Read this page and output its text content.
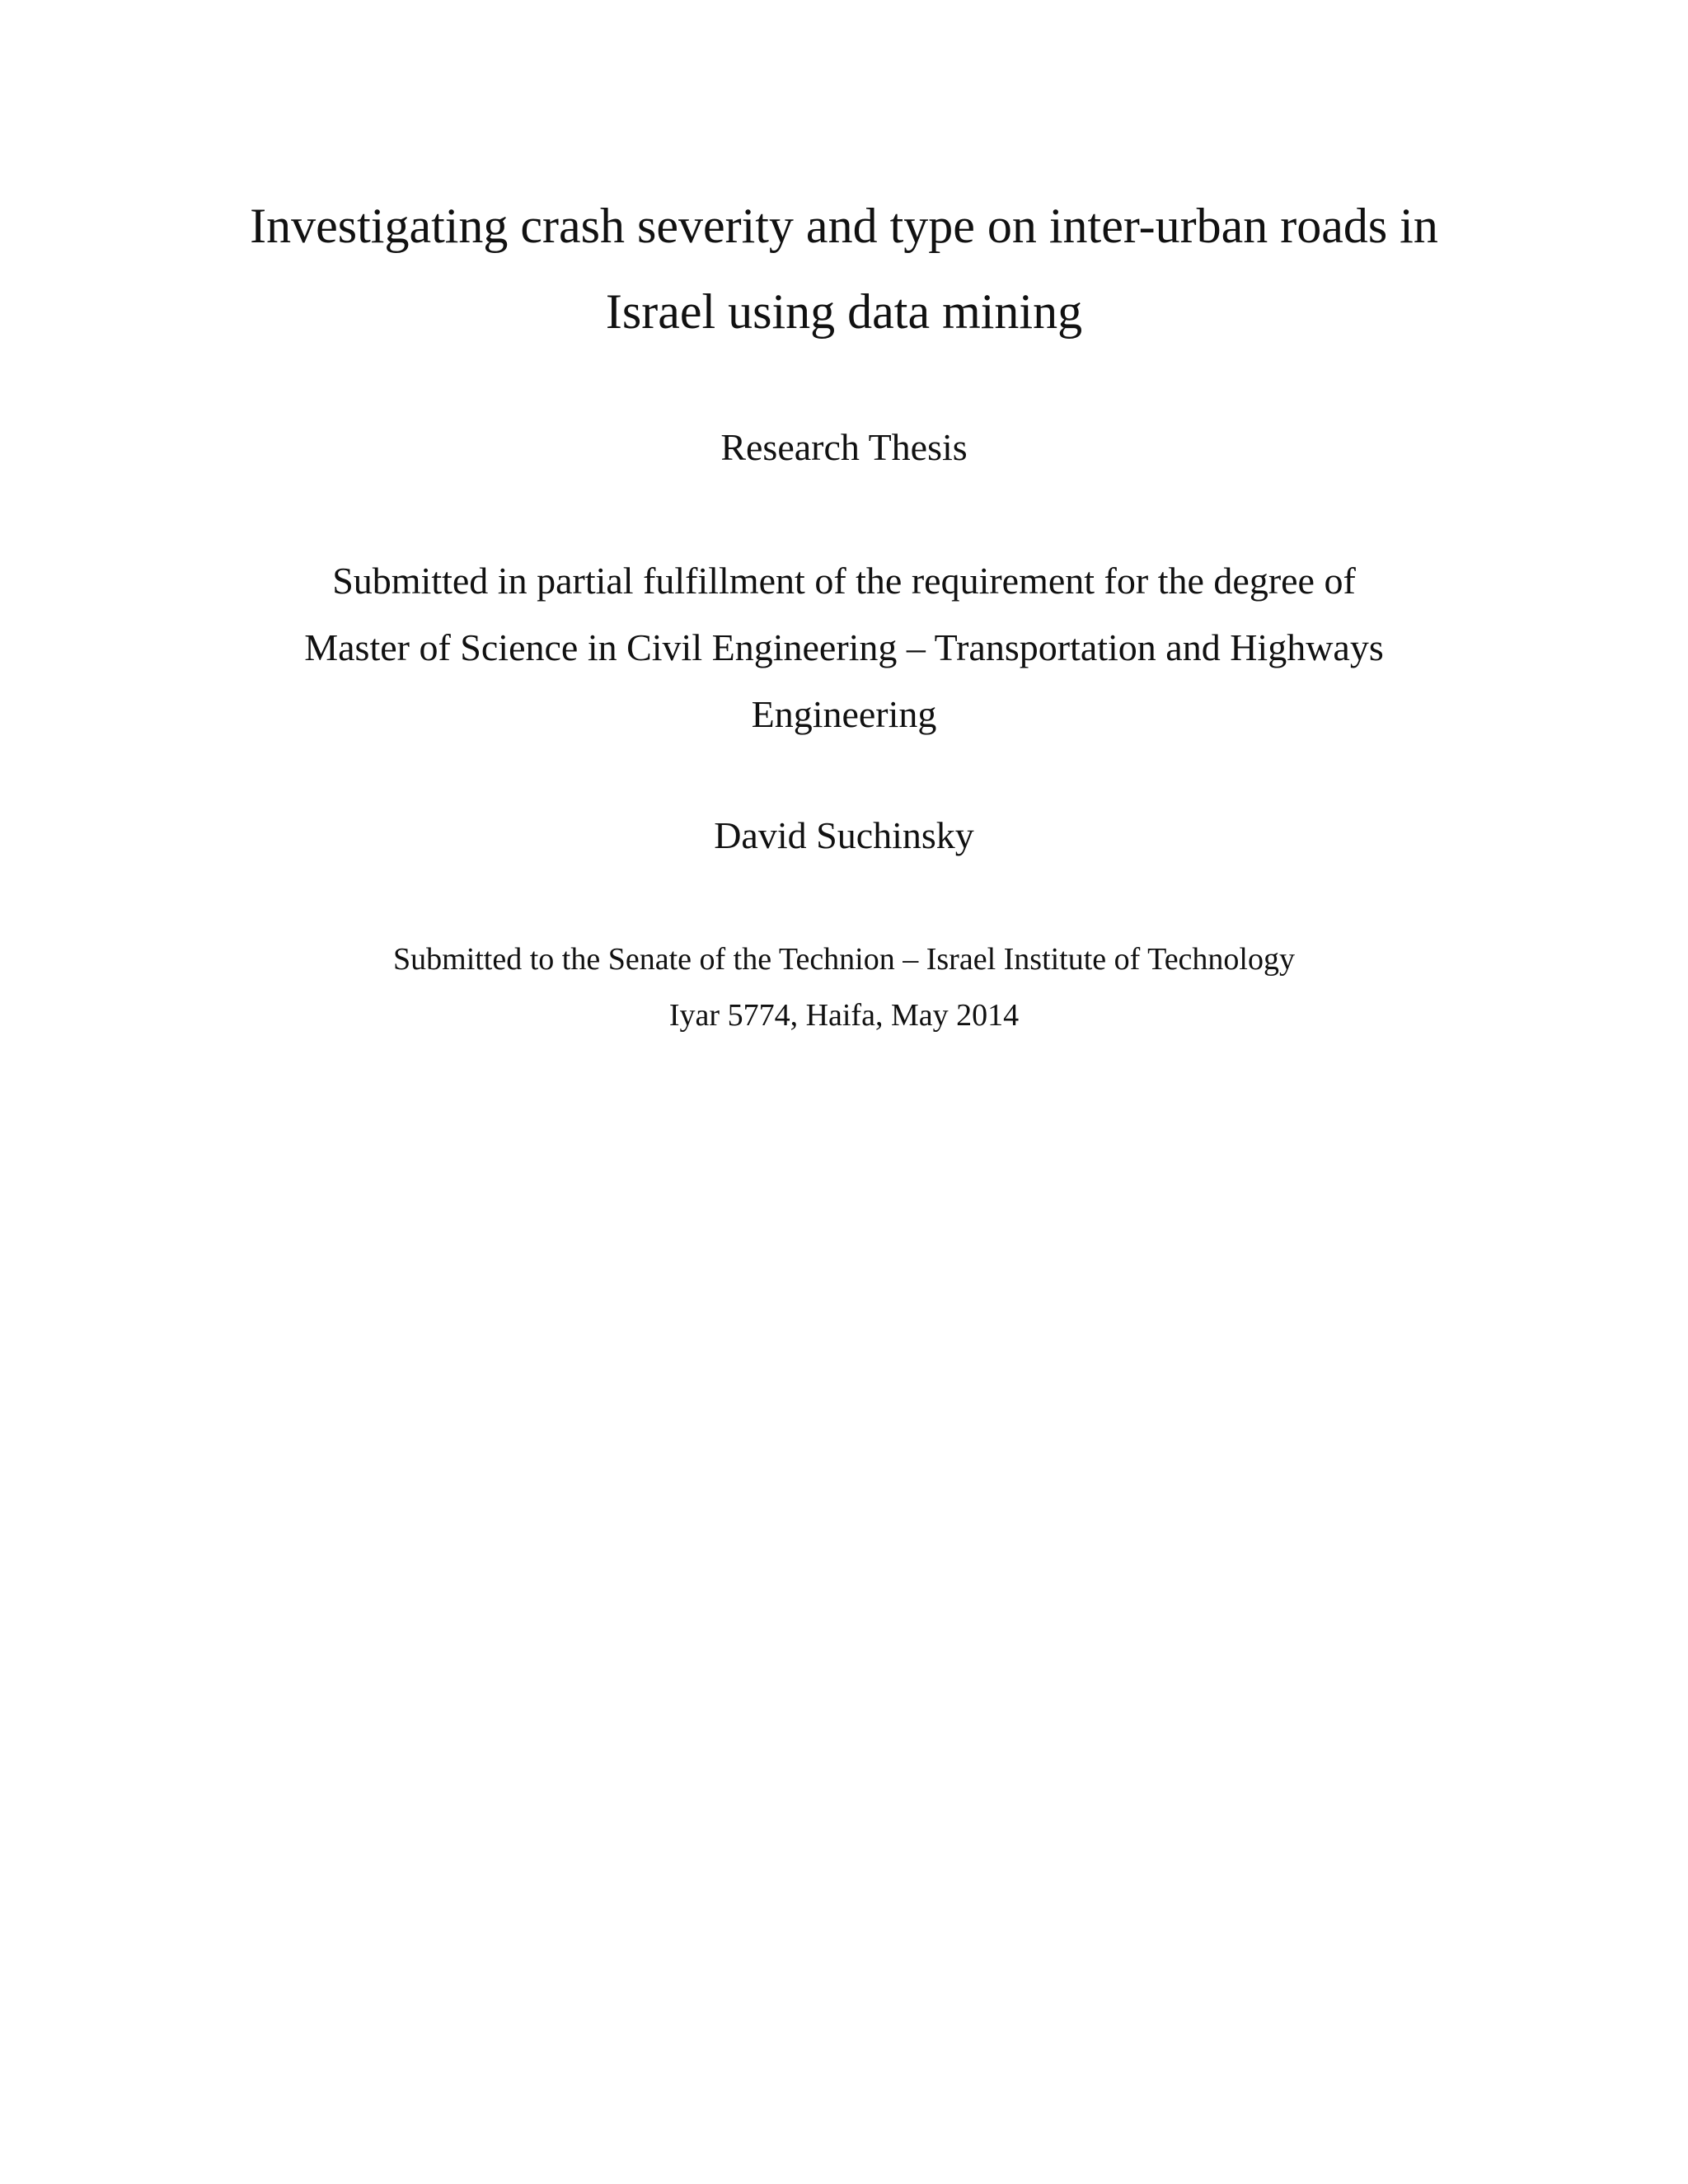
Investigating crash severity and type on inter-urban roads in
Israel using data mining
Research Thesis
Submitted in partial fulfillment of the requirement for the degree of
Master of Science in Civil Engineering – Transportation and Highways
Engineering
David Suchinsky
Submitted to the Senate of the Technion – Israel Institute of Technology
Iyar 5774, Haifa, May 2014
